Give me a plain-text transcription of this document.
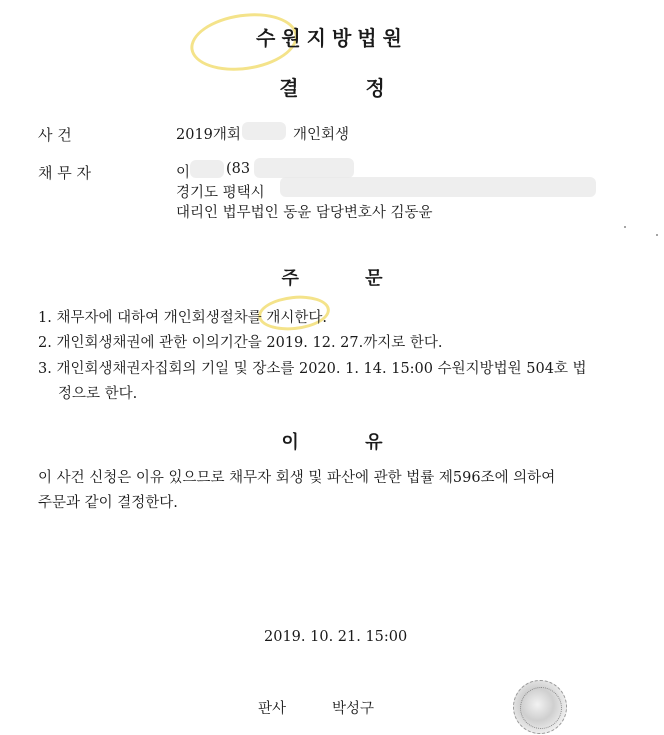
수원지방법원
결 정
사 건	2019개회	개인회생
채 무 자	이 (83
경기도 평택시
대리인 법무법인 동윤 담당변호사 김동윤
주 문
1. 채무자에 대하여 개인회생절차를 개시한다.
2. 개인회생채권에 관한 이의기간을 2019. 12. 27.까지로 한다.
3. 개인회생채권자집회의 기일 및 장소를 2020. 1. 14. 15:00 수원지방법원 504호 법
정으로 한다.
이 유
이 사건 신청은 이유 있으므로 채무자 회생 및 파산에 관한 법률 제596조에 의하여
주문과 같이 결정한다.
2019. 10. 21. 15:00
판사	박성구
